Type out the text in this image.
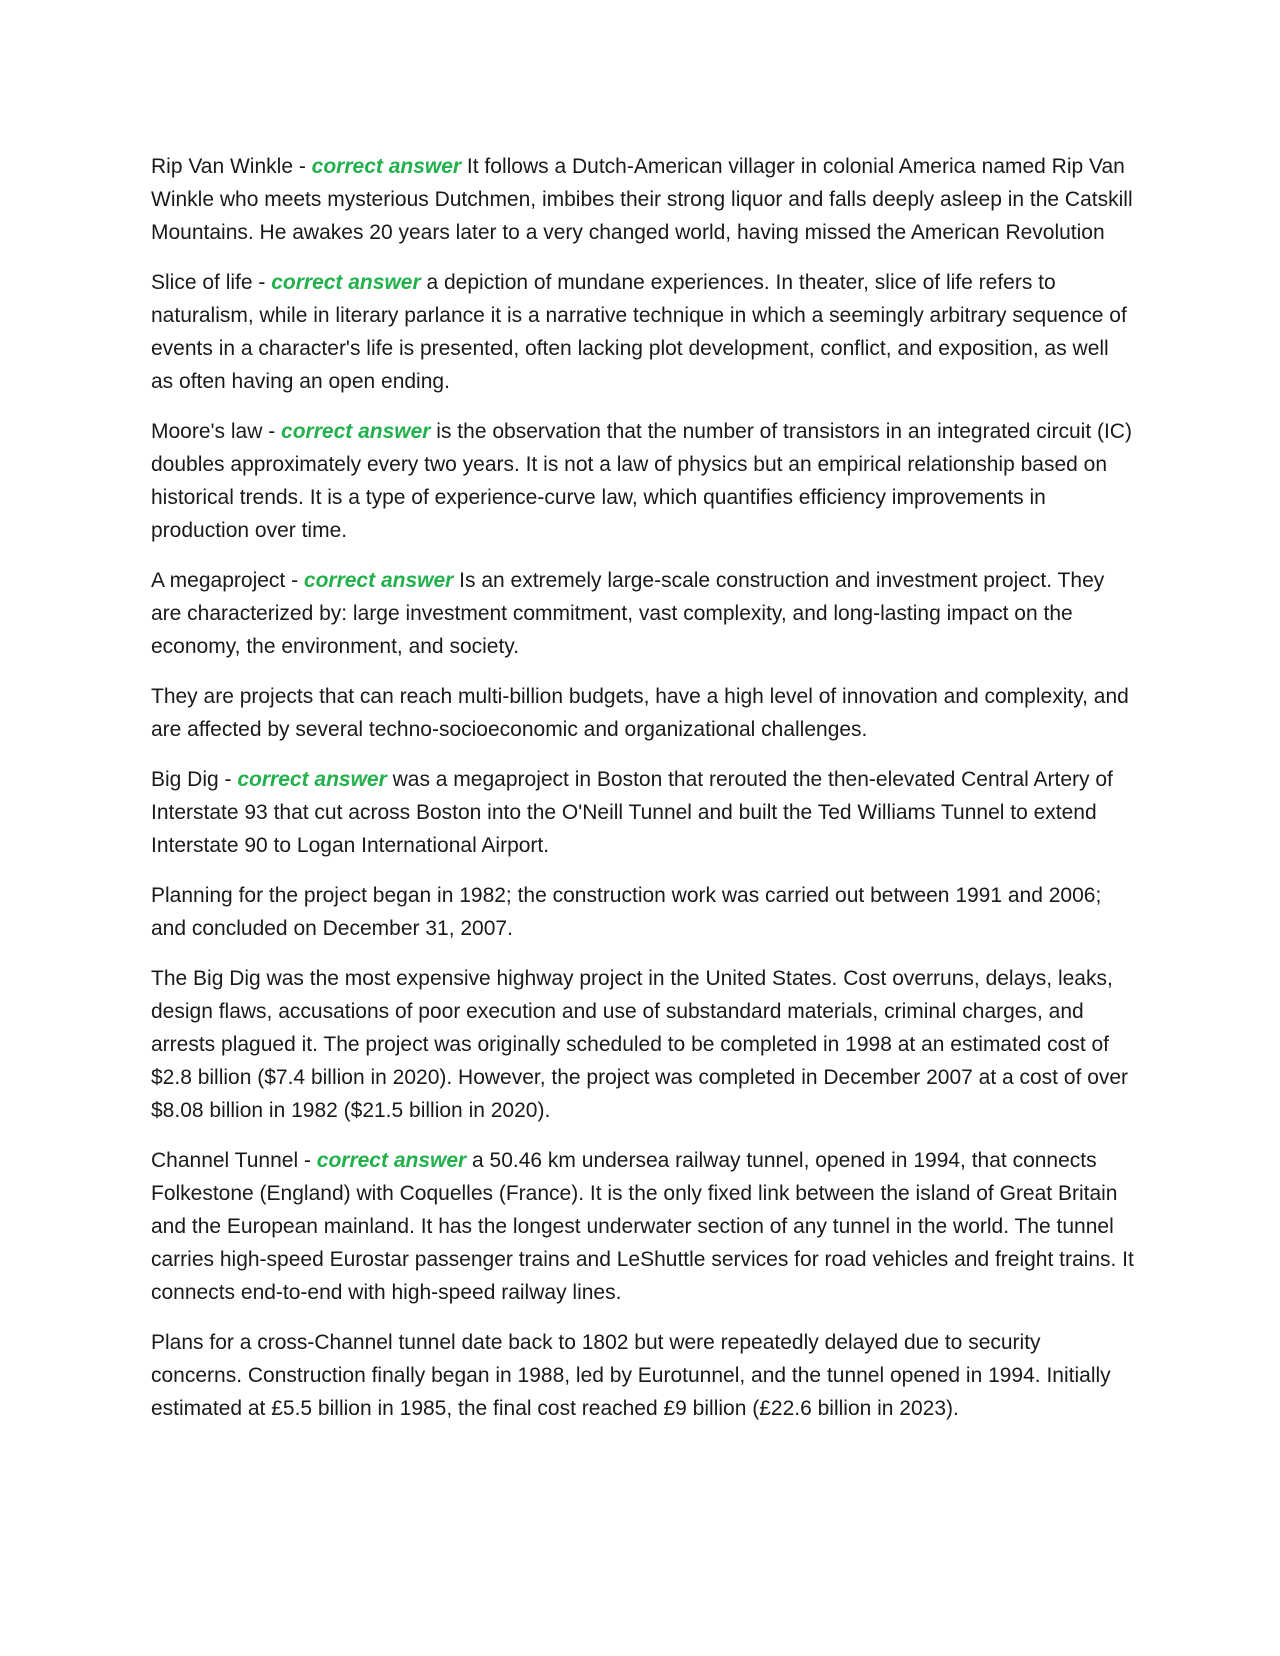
Rip Van Winkle - correct answer It follows a Dutch-American villager in colonial America named Rip Van Winkle who meets mysterious Dutchmen, imbibes their strong liquor and falls deeply asleep in the Catskill Mountains. He awakes 20 years later to a very changed world, having missed the American Revolution

Slice of life - correct answer a depiction of mundane experiences. In theater, slice of life refers to naturalism, while in literary parlance it is a narrative technique in which a seemingly arbitrary sequence of events in a character's life is presented, often lacking plot development, conflict, and exposition, as well as often having an open ending.

Moore's law - correct answer is the observation that the number of transistors in an integrated circuit (IC) doubles approximately every two years. It is not a law of physics but an empirical relationship based on historical trends. It is a type of experience-curve law, which quantifies efficiency improvements in production over time.

A megaproject - correct answer Is an extremely large-scale construction and investment project. They are characterized by: large investment commitment, vast complexity, and long-lasting impact on the economy, the environment, and society.

They are projects that can reach multi-billion budgets, have a high level of innovation and complexity, and are affected by several techno-socioeconomic and organizational challenges.

Big Dig - correct answer was a megaproject in Boston that rerouted the then-elevated Central Artery of Interstate 93 that cut across Boston into the O'Neill Tunnel and built the Ted Williams Tunnel to extend Interstate 90 to Logan International Airport.

Planning for the project began in 1982; the construction work was carried out between 1991 and 2006; and concluded on December 31, 2007.

The Big Dig was the most expensive highway project in the United States. Cost overruns, delays, leaks, design flaws, accusations of poor execution and use of substandard materials, criminal charges, and arrests plagued it. The project was originally scheduled to be completed in 1998 at an estimated cost of $2.8 billion ($7.4 billion in 2020). However, the project was completed in December 2007 at a cost of over $8.08 billion in 1982 ($21.5 billion in 2020).

Channel Tunnel - correct answer a 50.46 km undersea railway tunnel, opened in 1994, that connects Folkestone (England) with Coquelles (France). It is the only fixed link between the island of Great Britain and the European mainland. It has the longest underwater section of any tunnel in the world. The tunnel carries high-speed Eurostar passenger trains and LeShuttle services for road vehicles and freight trains. It connects end-to-end with high-speed railway lines.

Plans for a cross-Channel tunnel date back to 1802 but were repeatedly delayed due to security concerns. Construction finally began in 1988, led by Eurotunnel, and the tunnel opened in 1994. Initially estimated at £5.5 billion in 1985, the final cost reached £9 billion (£22.6 billion in 2023).
